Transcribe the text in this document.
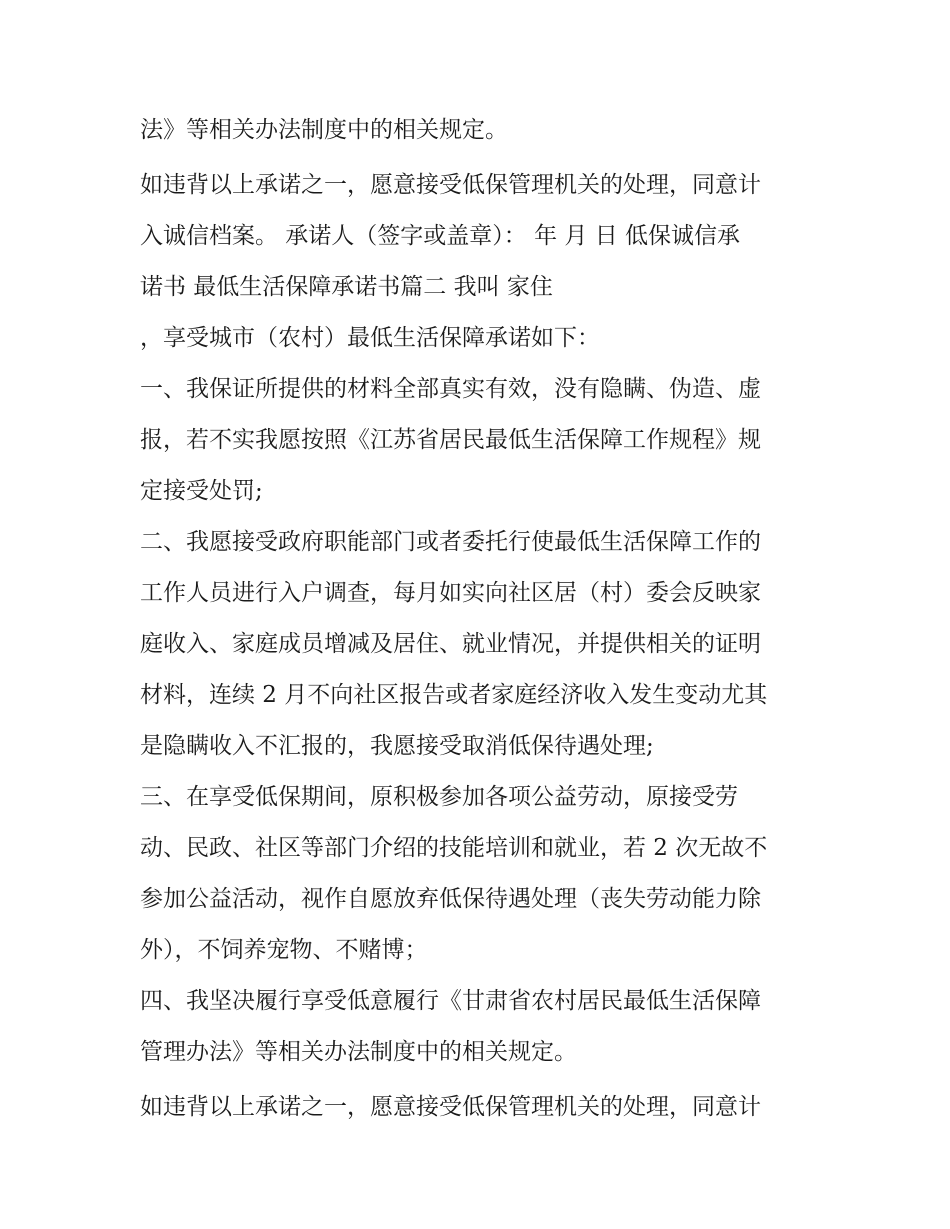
法》等相关办法制度中的相关规定。
如违背以上承诺之一，愿意接受低保管理机关的处理，同意计
入诚信档案。 承诺人（签字或盖章）： 年 月 日 低保诚信承
诺书 最低生活保障承诺书篇二 我叫 家住
，享受城市（农村）最低生活保障承诺如下：
一、我保证所提供的材料全部真实有效，没有隐瞒、伪造、虚
报，若不实我愿按照《江苏省居民最低生活保障工作规程》规
定接受处罚;
二、我愿接受政府职能部门或者委托行使最低生活保障工作的
工作人员进行入户调查，每月如实向社区居（村）委会反映家
庭收入、家庭成员增减及居住、就业情况，并提供相关的证明
材料，连续 2 月不向社区报告或者家庭经济收入发生变动尤其
是隐瞒收入不汇报的，我愿接受取消低保待遇处理;
三、在享受低保期间，原积极参加各项公益劳动，原接受劳
动、民政、社区等部门介绍的技能培训和就业，若 2 次无故不
参加公益活动，视作自愿放弃低保待遇处理（丧失劳动能力除
外），不饲养宠物、不赌博；
四、我坚决履行享受低意履行《甘肃省农村居民最低生活保障
管理办法》等相关办法制度中的相关规定。
如违背以上承诺之一，愿意接受低保管理机关的处理，同意计
